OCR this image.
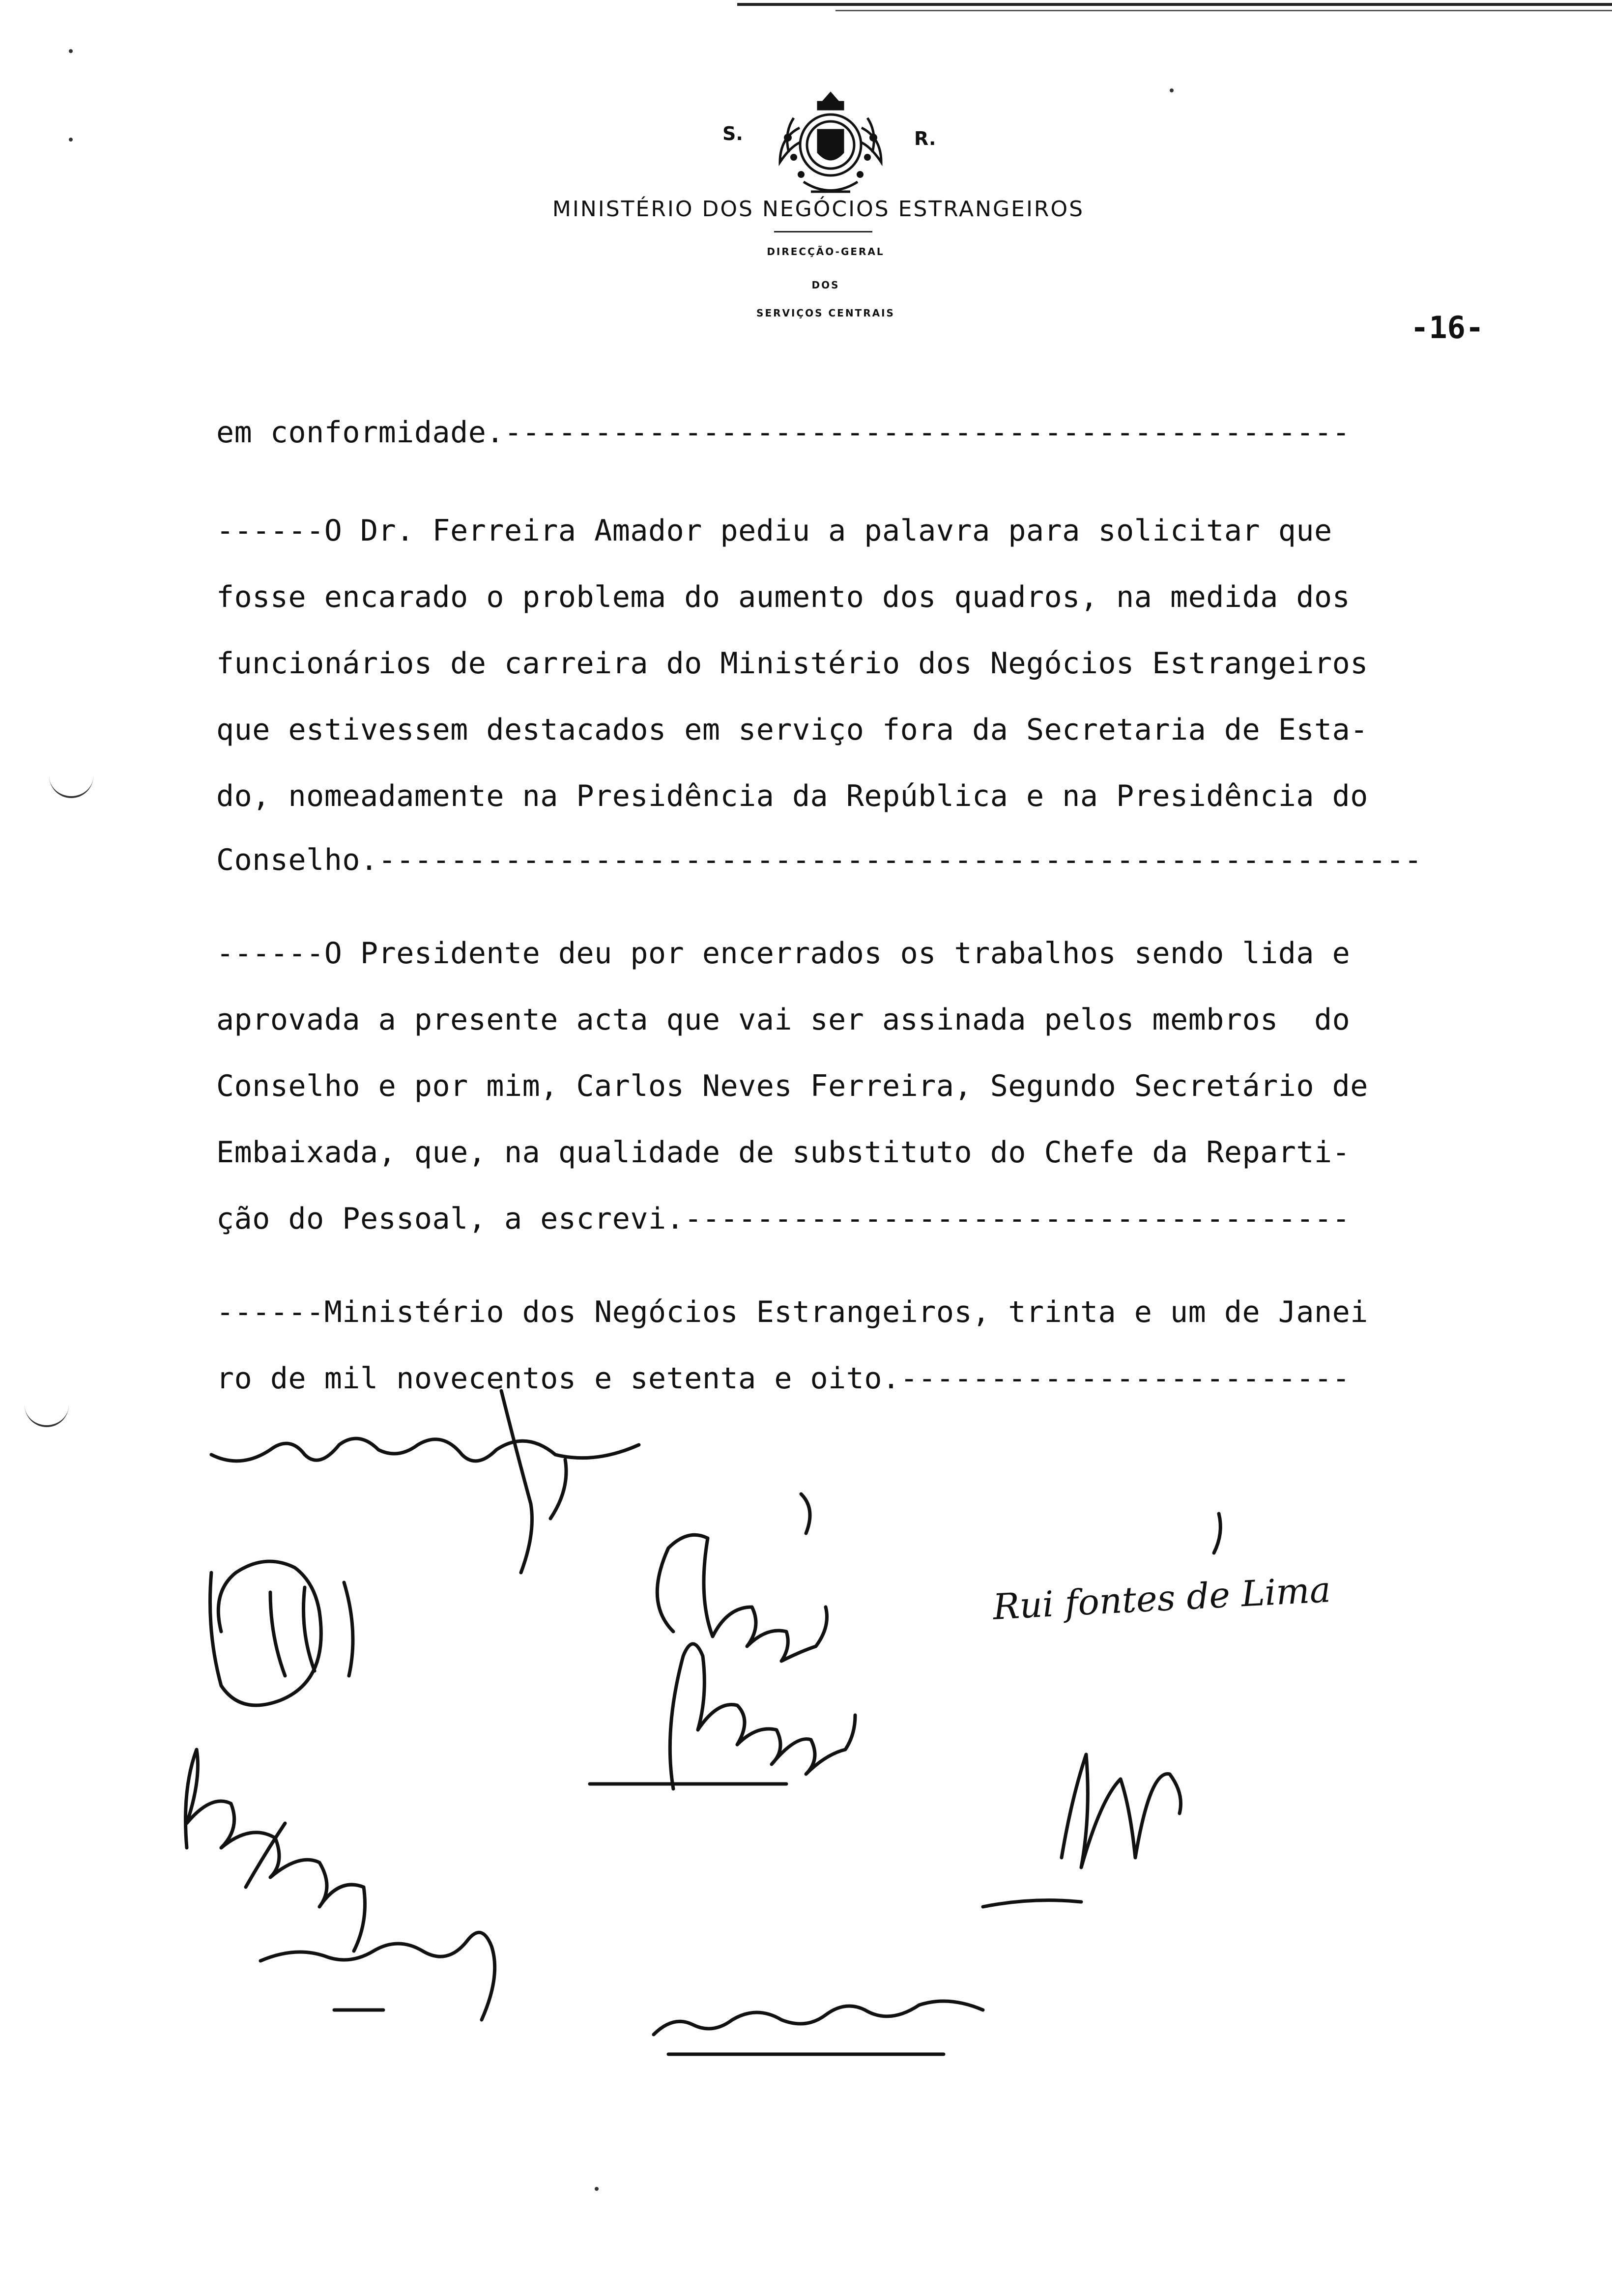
S.	R.
MINISTÉRIO DOS NEGÓCIOS ESTRANGEIROS
DIRECÇÃO-GERAL
DOS
SERVIÇOS CENTRAIS	-16-
em conformidade.-----------------------------------------------
------O Dr. Ferreira Amador pediu a palavra para solicitar que
fosse encarado o problema do aumento dos quadros, na medida dos
funcionários de carreira do Ministério dos Negócios Estrangeiros
que estivessem destacados em serviço fora da Secretaria de Esta-
do, nomeadamente na Presidência da República e na Presidência do
Conselho.----------------------------------------------------------
------O Presidente deu por encerrados os trabalhos sendo lida e
aprovada a presente acta que vai ser assinada pelos membros  do
Conselho e por mim, Carlos Neves Ferreira, Segundo Secretário de
Embaixada, que, na qualidade de substituto do Chefe da Reparti-
ção do Pessoal, a escrevi.-------------------------------------
------Ministério dos Negócios Estrangeiros, trinta e um de Janei
ro de mil novecentos e setenta e oito.-------------------------
Rui fontes de Lima
